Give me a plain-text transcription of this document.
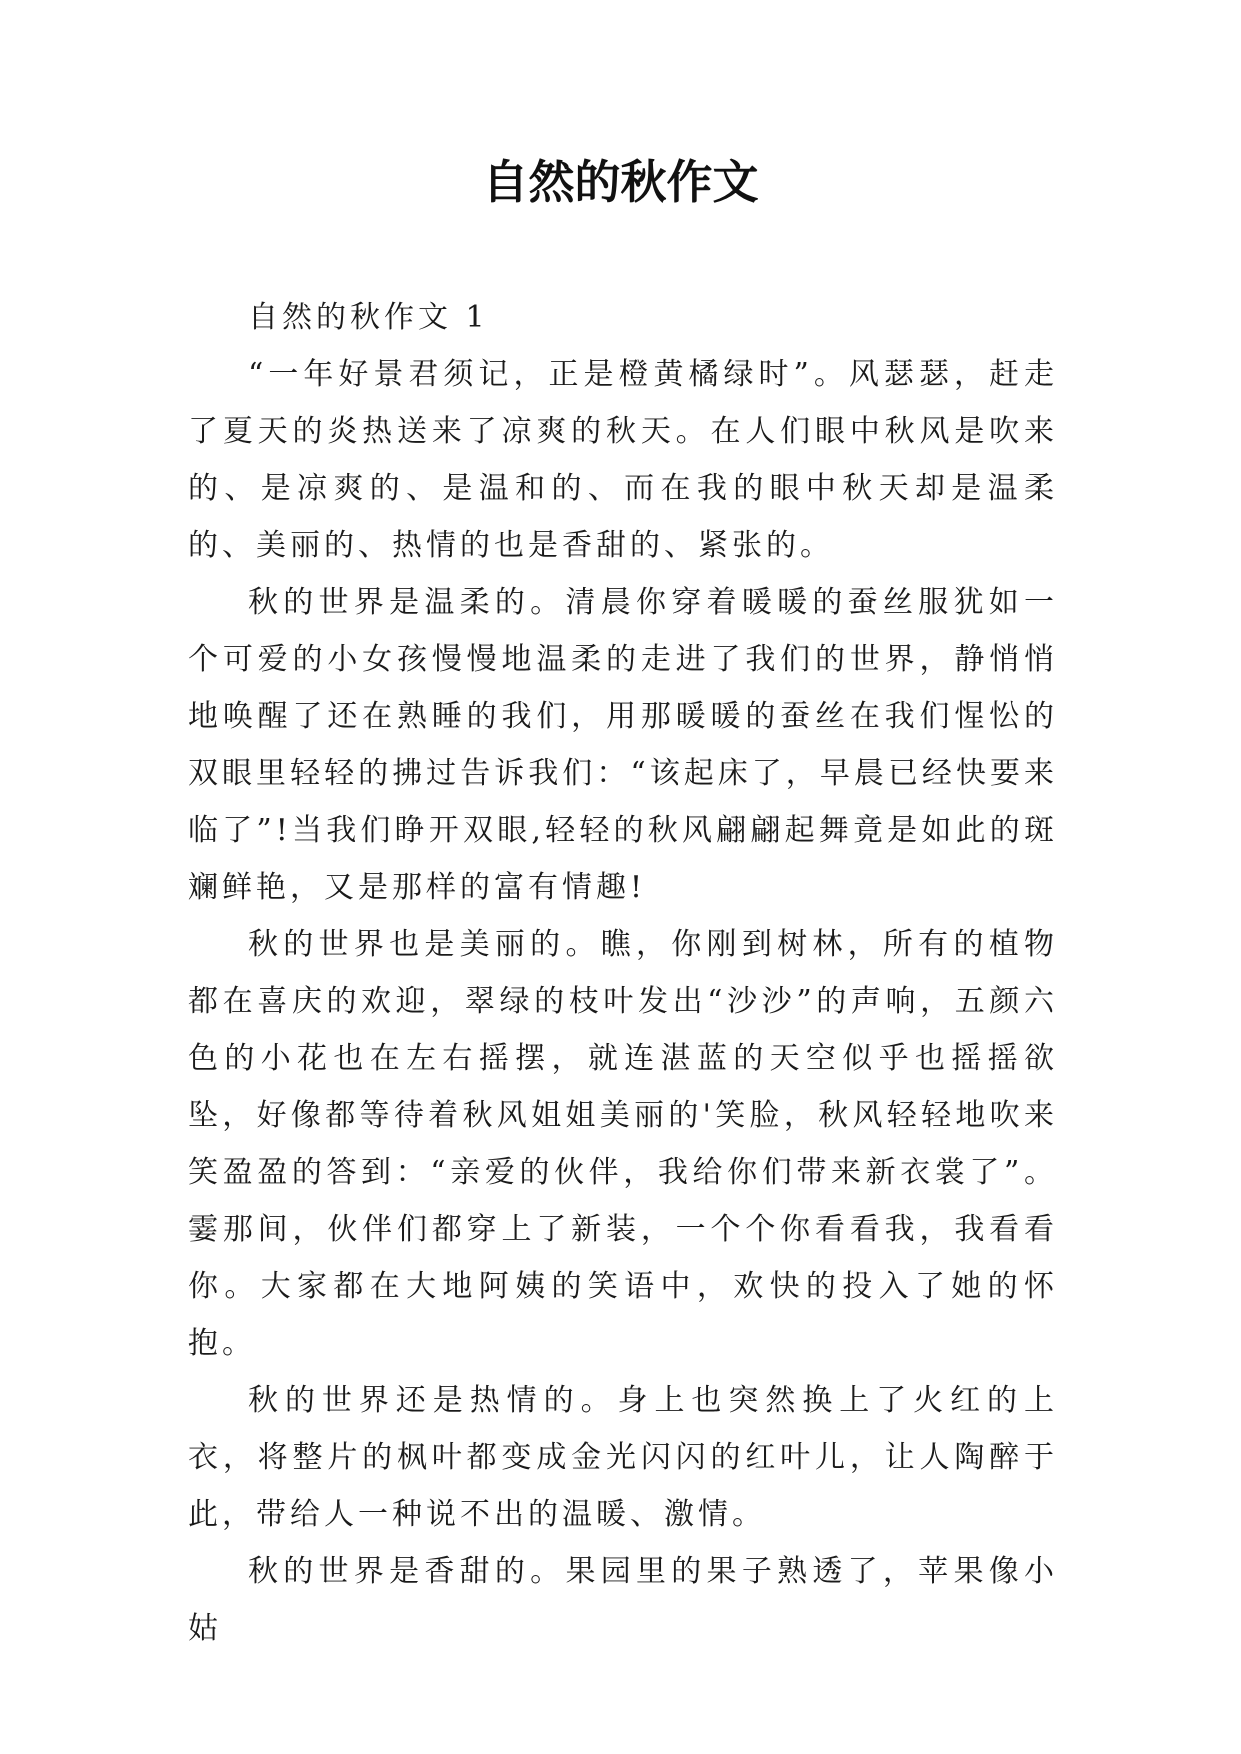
自然的秋作文

自然的秋作文 1

“一年好景君须记，正是橙黄橘绿时”。风瑟瑟，赶走了夏天的炎热送来了凉爽的秋天。在人们眼中秋风是吹来的、是凉爽的、是温和的、而在我的眼中秋天却是温柔的、美丽的、热情的也是香甜的、紧张的。

秋的世界是温柔的。清晨你穿着暖暖的蚕丝服犹如一个可爱的小女孩慢慢地温柔的走进了我们的世界，静悄悄地唤醒了还在熟睡的我们，用那暖暖的蚕丝在我们惺忪的双眼里轻轻的拂过告诉我们：“该起床了，早晨已经快要来临了”!当我们睁开双眼,轻轻的秋风翩翩起舞竟是如此的斑斓鲜艳，又是那样的富有情趣!

秋的世界也是美丽的。瞧，你刚到树林，所有的植物都在喜庆的欢迎，翠绿的枝叶发出“沙沙”的声响，五颜六色的小花也在左右摇摆，就连湛蓝的天空似乎也摇摇欲坠，好像都等待着秋风姐姐美丽的'笑脸，秋风轻轻地吹来笑盈盈的答到：“亲爱的伙伴，我给你们带来新衣裳了”。霎那间，伙伴们都穿上了新装，一个个你看看我，我看看你。大家都在大地阿姨的笑语中，欢快的投入了她的怀抱。

秋的世界还是热情的。身上也突然换上了火红的上衣，将整片的枫叶都变成金光闪闪的红叶儿，让人陶醉于此，带给人一种说不出的温暖、激情。

秋的世界是香甜的。果园里的果子熟透了，苹果像小姑
